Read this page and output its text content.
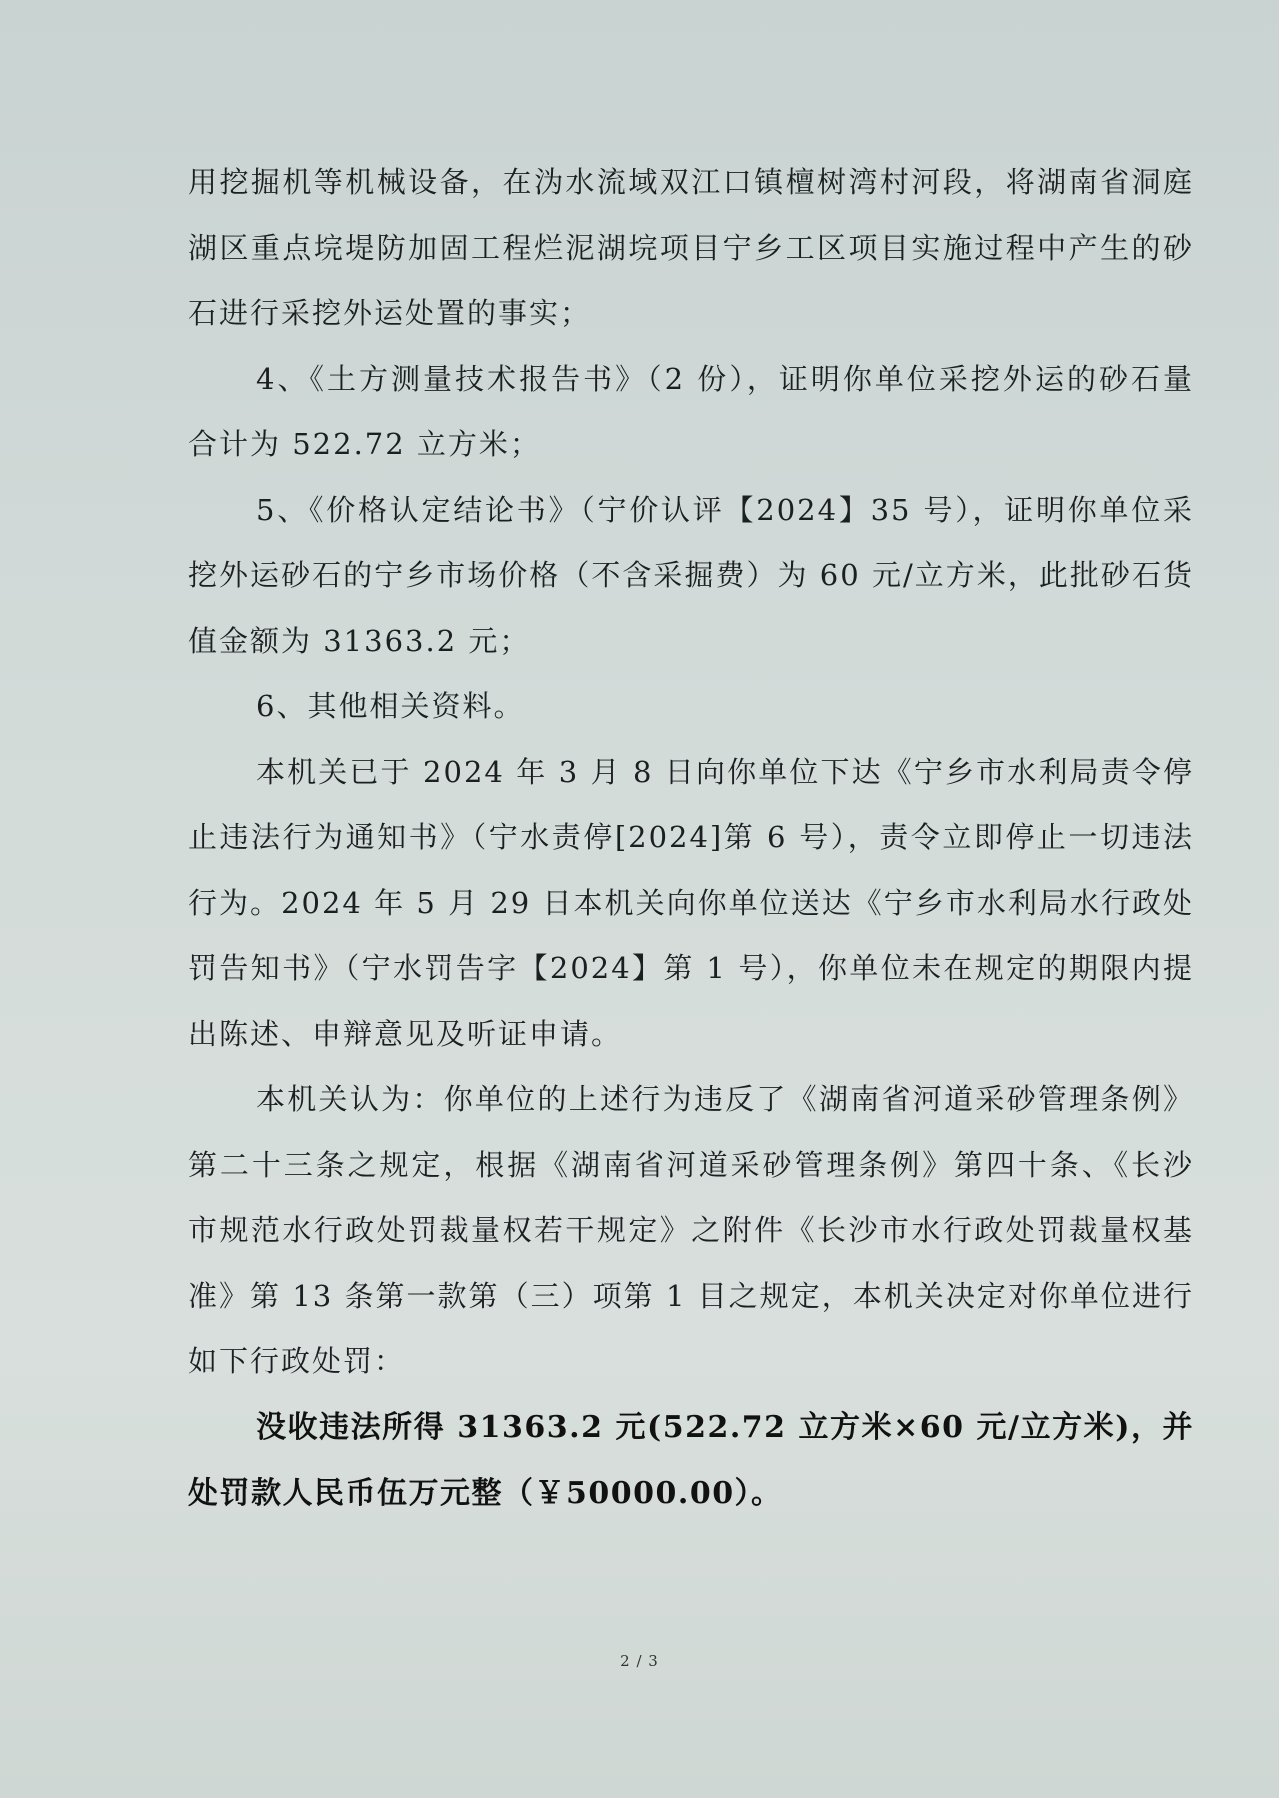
用挖掘机等机械设备，在沩水流域双江口镇檀树湾村河段，将湖南省洞庭湖区重点垸堤防加固工程烂泥湖垸项目宁乡工区项目实施过程中产生的砂石进行采挖外运处置的事实；

4、《土方测量技术报告书》（2 份），证明你单位采挖外运的砂石量合计为 522.72 立方米；

5、《价格认定结论书》（宁价认评【2024】35 号），证明你单位采挖外运砂石的宁乡市场价格（不含采掘费）为 60 元/立方米，此批砂石货值金额为 31363.2 元；

6、其他相关资料。

本机关已于 2024 年 3 月 8 日向你单位下达《宁乡市水利局责令停止违法行为通知书》（宁水责停[2024]第 6 号），责令立即停止一切违法行为。2024 年 5 月 29 日本机关向你单位送达《宁乡市水利局水行政处罚告知书》（宁水罚告字【2024】第 1 号），你单位未在规定的期限内提出陈述、申辩意见及听证申请。

本机关认为：你单位的上述行为违反了《湖南省河道采砂管理条例》第二十三条之规定，根据《湖南省河道采砂管理条例》第四十条、《长沙市规范水行政处罚裁量权若干规定》之附件《长沙市水行政处罚裁量权基准》第 13 条第一款第（三）项第 1 目之规定，本机关决定对你单位进行如下行政处罚：

没收违法所得 31363.2 元(522.72 立方米×60 元/立方米)，并处罚款人民币伍万元整（￥50000.00）。

2 / 3
